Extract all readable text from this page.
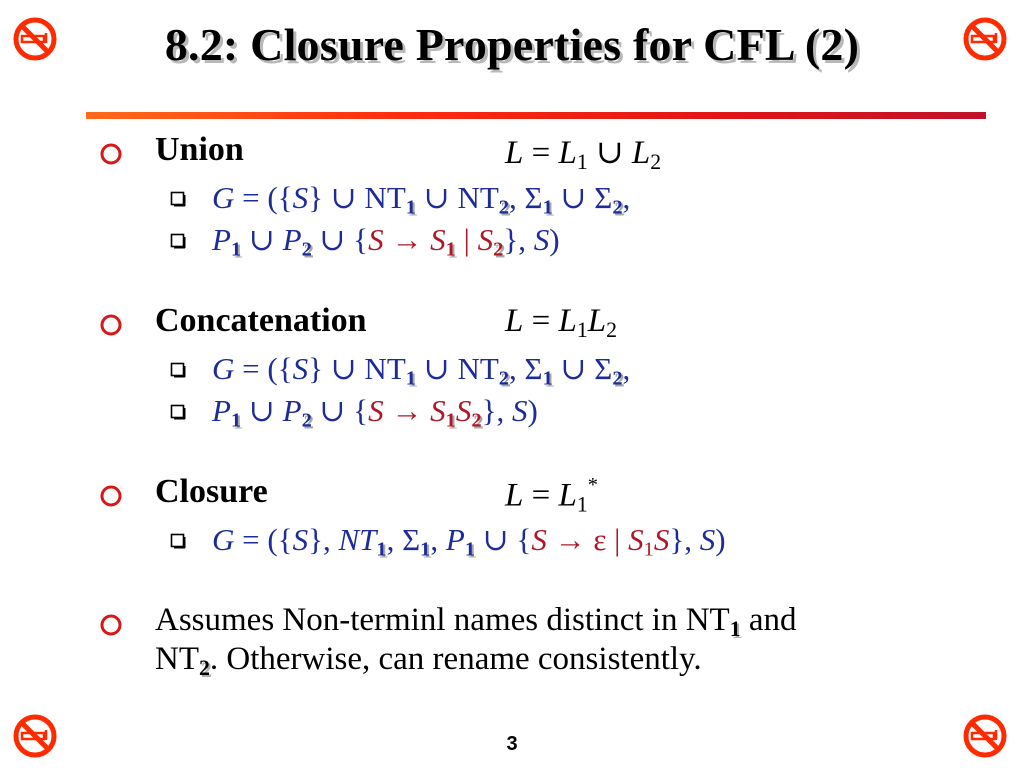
8.2: Closure Properties for CFL (2)
Union	L = L1 ∪ L2
G = ({S} ∪ NT1 ∪ NT2, Σ1 ∪ Σ2,
P1 ∪ P2 ∪ {S → S1 | S2}, S)
Concatenation	L = L1L2
G = ({S} ∪ NT1 ∪ NT2, Σ1 ∪ Σ2,
P1 ∪ P2 ∪ {S → S1S2}, S)
Closure	L = L1*
G = ({S}, NT1, Σ1, P1 ∪ {S → ε | S1S}, S)
Assumes Non-terminl names distinct in NT1 and
NT2. Otherwise, can rename consistently.
3
